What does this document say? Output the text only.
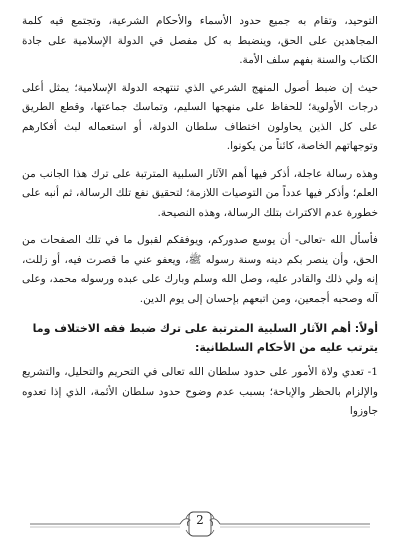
التوحيد، وتقام به جميع حدود الأسماء والأحكام الشرعية، وتجتمع فيه كلمة المجاهدين على الحق، وينضبط به كل مفصل في الدولة الإسلامية على جادة الكتاب والسنة بفهم سلف الأمة.

حيث إن ضبط أصول المنهج الشرعي الذي تنتهجه الدولة الإسلامية؛ يمثل أعلى درجات الأولوية؛ للحفاظ على منهجها السليم، وتماسك جماعتها، وقطع الطريق على كل الذين يحاولون اختطاف سلطان الدولة، أو استعماله لبث أفكارهم وتوجهاتهم الخاصة، كائناً من يكونوا.

وهذه رسالة عاجلة، أذكر فيها أهم الآثار السلبية المترتبة على ترك هذا الجانب من العلم؛ وأذكر فيها عدداً من التوصيات اللازمة؛ لتحقيق نفع تلك الرسالة، ثم أنبه على خطورة عدم الاكتراث بتلك الرسالة، وهذه النصيحة.

فأسأل الله -تعالى- أن يوسع صدوركم، ويوفقكم لقبول ما في تلك الصفحات من الحق، وأن ينصر بكم دينه وسنة رسوله ﷺ، ويعفو عني ما قصرت فيه، أو زللت، إنه ولي ذلك والقادر عليه، وصل الله وسلم وبارك على عبده ورسوله محمد، وعلى آله وصحبه أجمعين، ومن اتبعهم بإحسان إلى يوم الدين.

أولاً: أهم الآثار السلبية المترتبة على ترك ضبط فقه الاختلاف وما يترتب عليه من الأحكام السلطانية:

1- تعدي ولاة الأمور على حدود سلطان الله تعالى في التحريم والتحليل، والتشريع والإلزام بالحظر والإباحة؛ بسبب عدم وضوح حدود سلطان الأئمة، الذي إذا تعدوه جاوزوا

2
